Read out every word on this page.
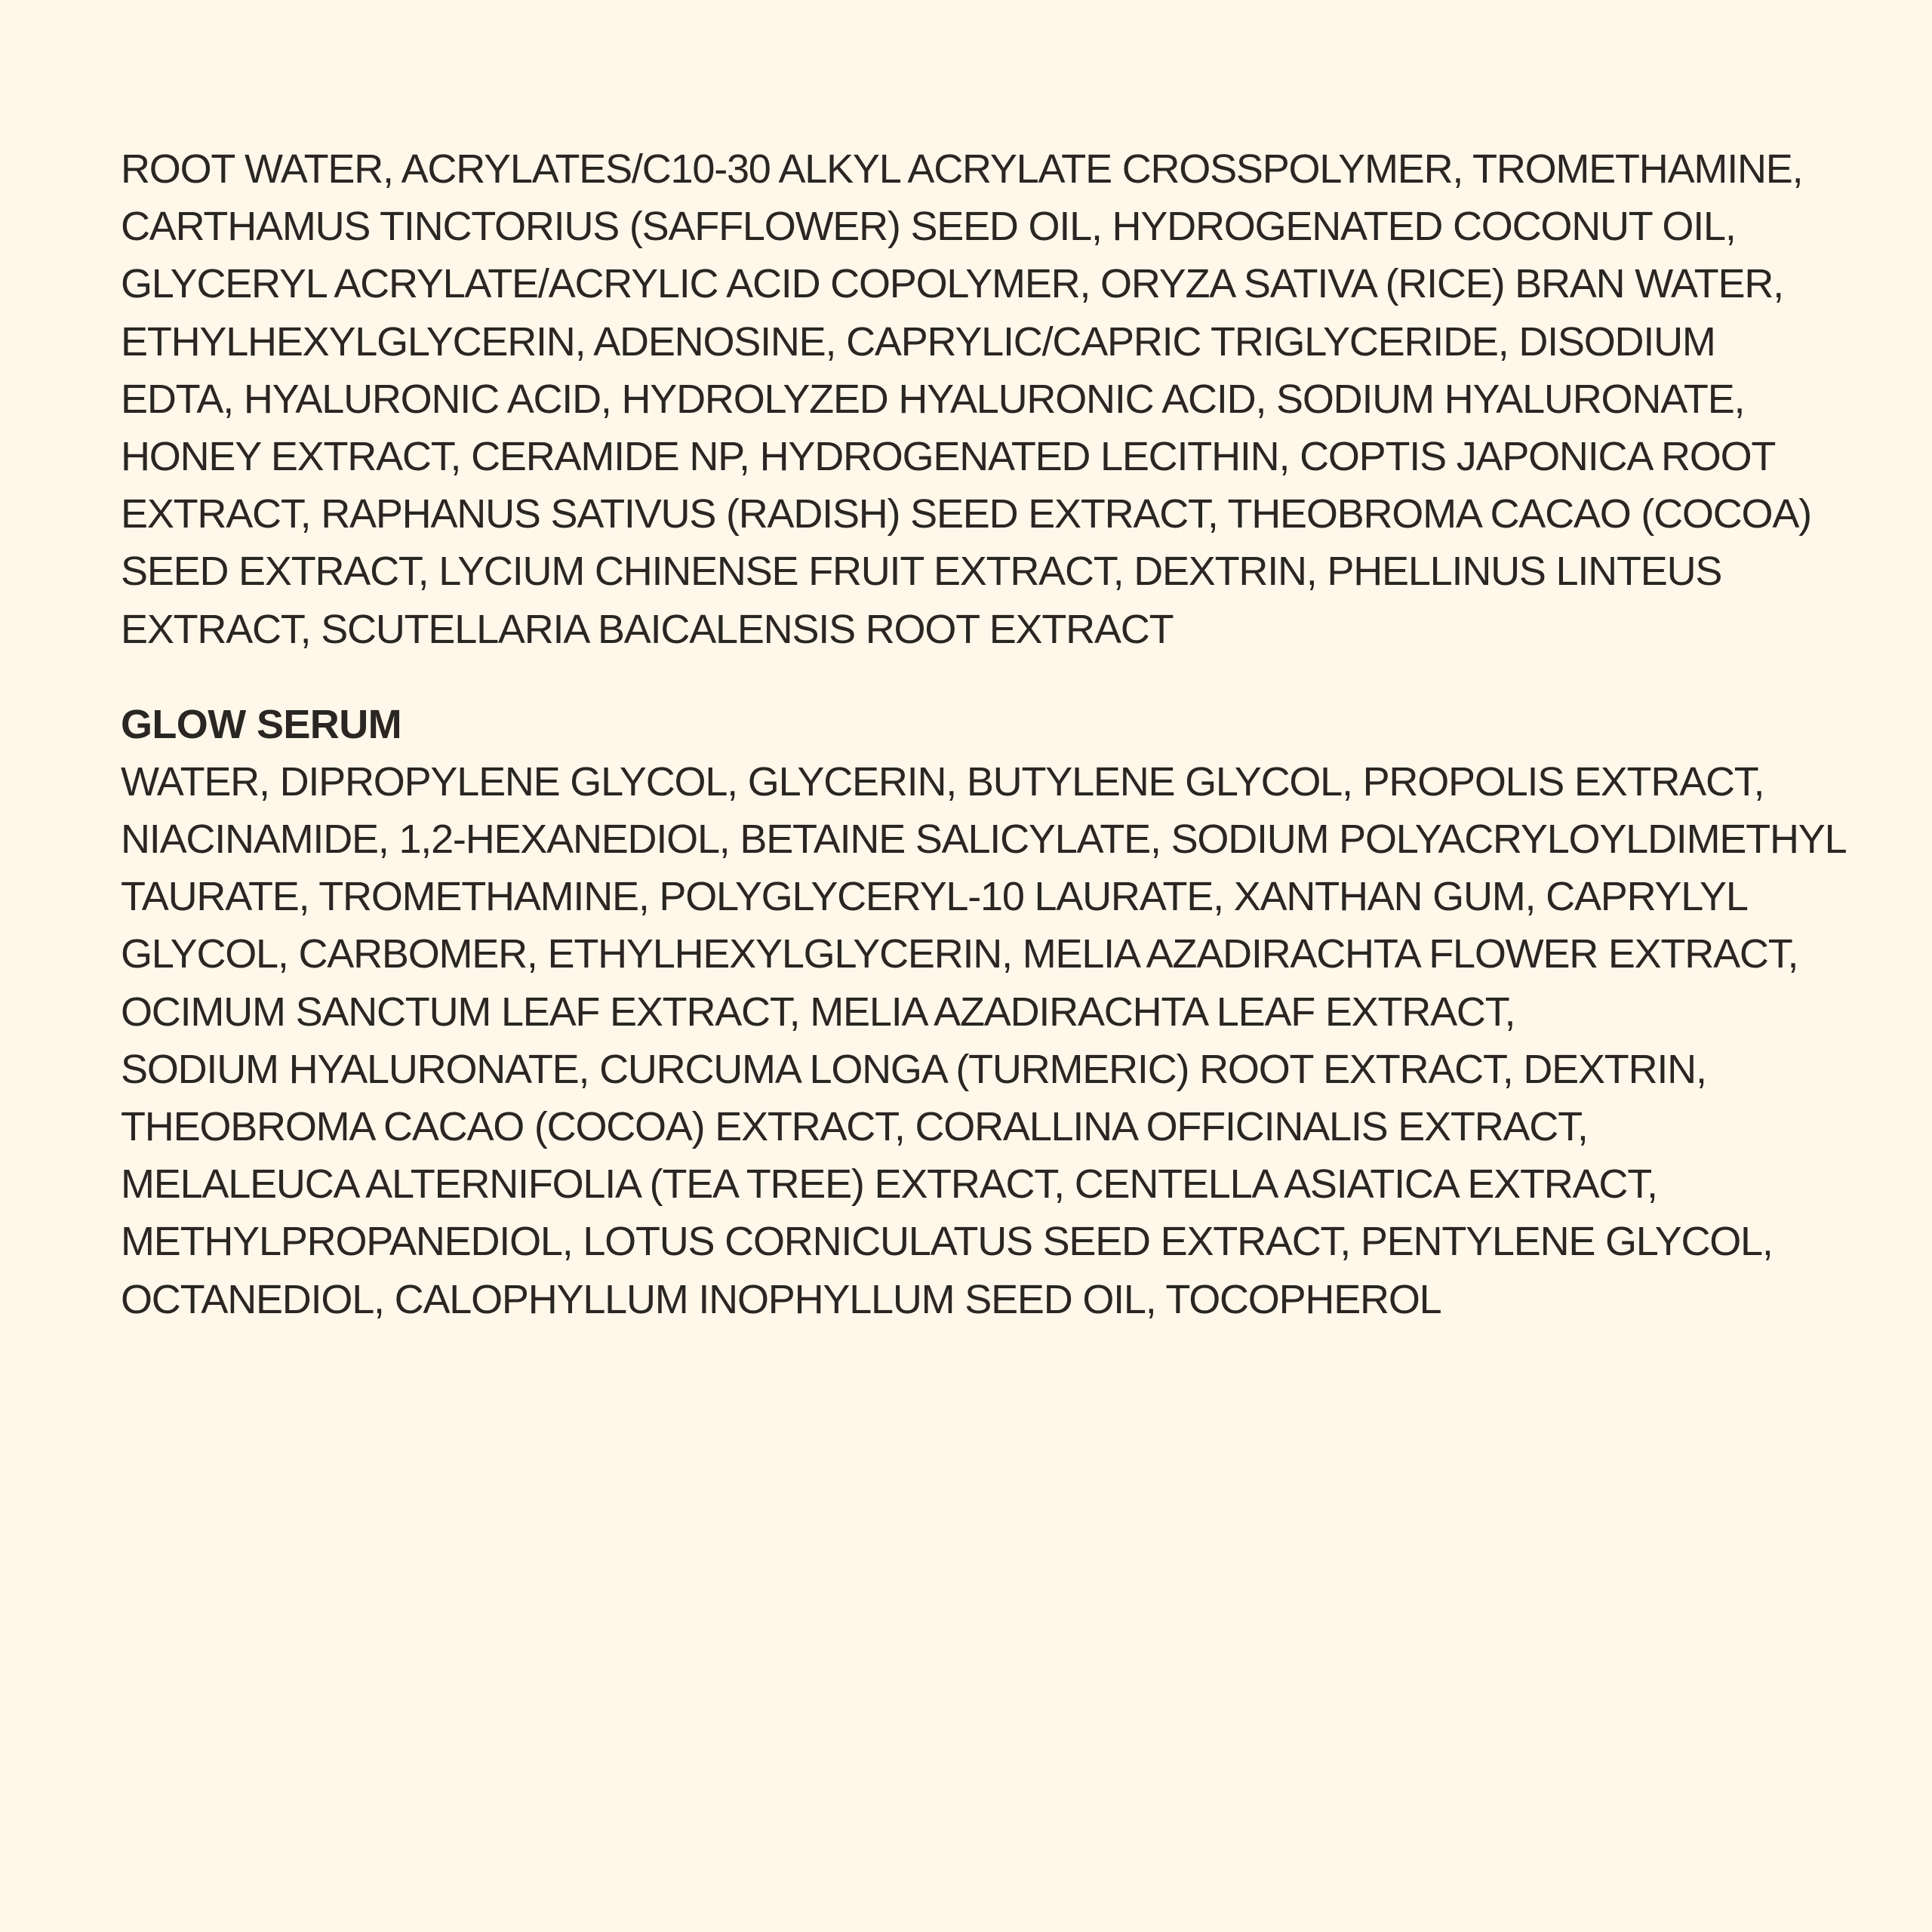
ROOT WATER, ACRYLATES/C10-30 ALKYL ACRYLATE CROSSPOLYMER, TROMETHAMINE,
CARTHAMUS TINCTORIUS (SAFFLOWER) SEED OIL, HYDROGENATED COCONUT OIL,
GLYCERYL ACRYLATE/ACRYLIC ACID COPOLYMER, ORYZA SATIVA (RICE) BRAN WATER,
ETHYLHEXYLGLYCERIN, ADENOSINE, CAPRYLIC/CAPRIC TRIGLYCERIDE, DISODIUM
EDTA, HYALURONIC ACID, HYDROLYZED HYALURONIC ACID, SODIUM HYALURONATE,
HONEY EXTRACT, CERAMIDE NP, HYDROGENATED LECITHIN, COPTIS JAPONICA ROOT
EXTRACT, RAPHANUS SATIVUS (RADISH) SEED EXTRACT, THEOBROMA CACAO (COCOA)
SEED EXTRACT, LYCIUM CHINENSE FRUIT EXTRACT, DEXTRIN, PHELLINUS LINTEUS
EXTRACT, SCUTELLARIA BAICALENSIS ROOT EXTRACT
GLOW SERUM
WATER, DIPROPYLENE GLYCOL, GLYCERIN, BUTYLENE GLYCOL, PROPOLIS EXTRACT,
NIACINAMIDE, 1,2-HEXANEDIOL, BETAINE SALICYLATE, SODIUM POLYACRYLOYLDIMETHYL
TAURATE, TROMETHAMINE, POLYGLYCERYL-10 LAURATE, XANTHAN GUM, CAPRYLYL
GLYCOL, CARBOMER, ETHYLHEXYLGLYCERIN, MELIA AZADIRACHTA FLOWER EXTRACT,
OCIMUM SANCTUM LEAF EXTRACT, MELIA AZADIRACHTA LEAF EXTRACT,
SODIUM HYALURONATE, CURCUMA LONGA (TURMERIC) ROOT EXTRACT, DEXTRIN,
THEOBROMA CACAO (COCOA) EXTRACT, CORALLINA OFFICINALIS EXTRACT,
MELALEUCA ALTERNIFOLIA (TEA TREE) EXTRACT, CENTELLA ASIATICA EXTRACT,
METHYLPROPANEDIOL, LOTUS CORNICULATUS SEED EXTRACT, PENTYLENE GLYCOL,
OCTANEDIOL, CALOPHYLLUM INOPHYLLUM SEED OIL, TOCOPHEROL
